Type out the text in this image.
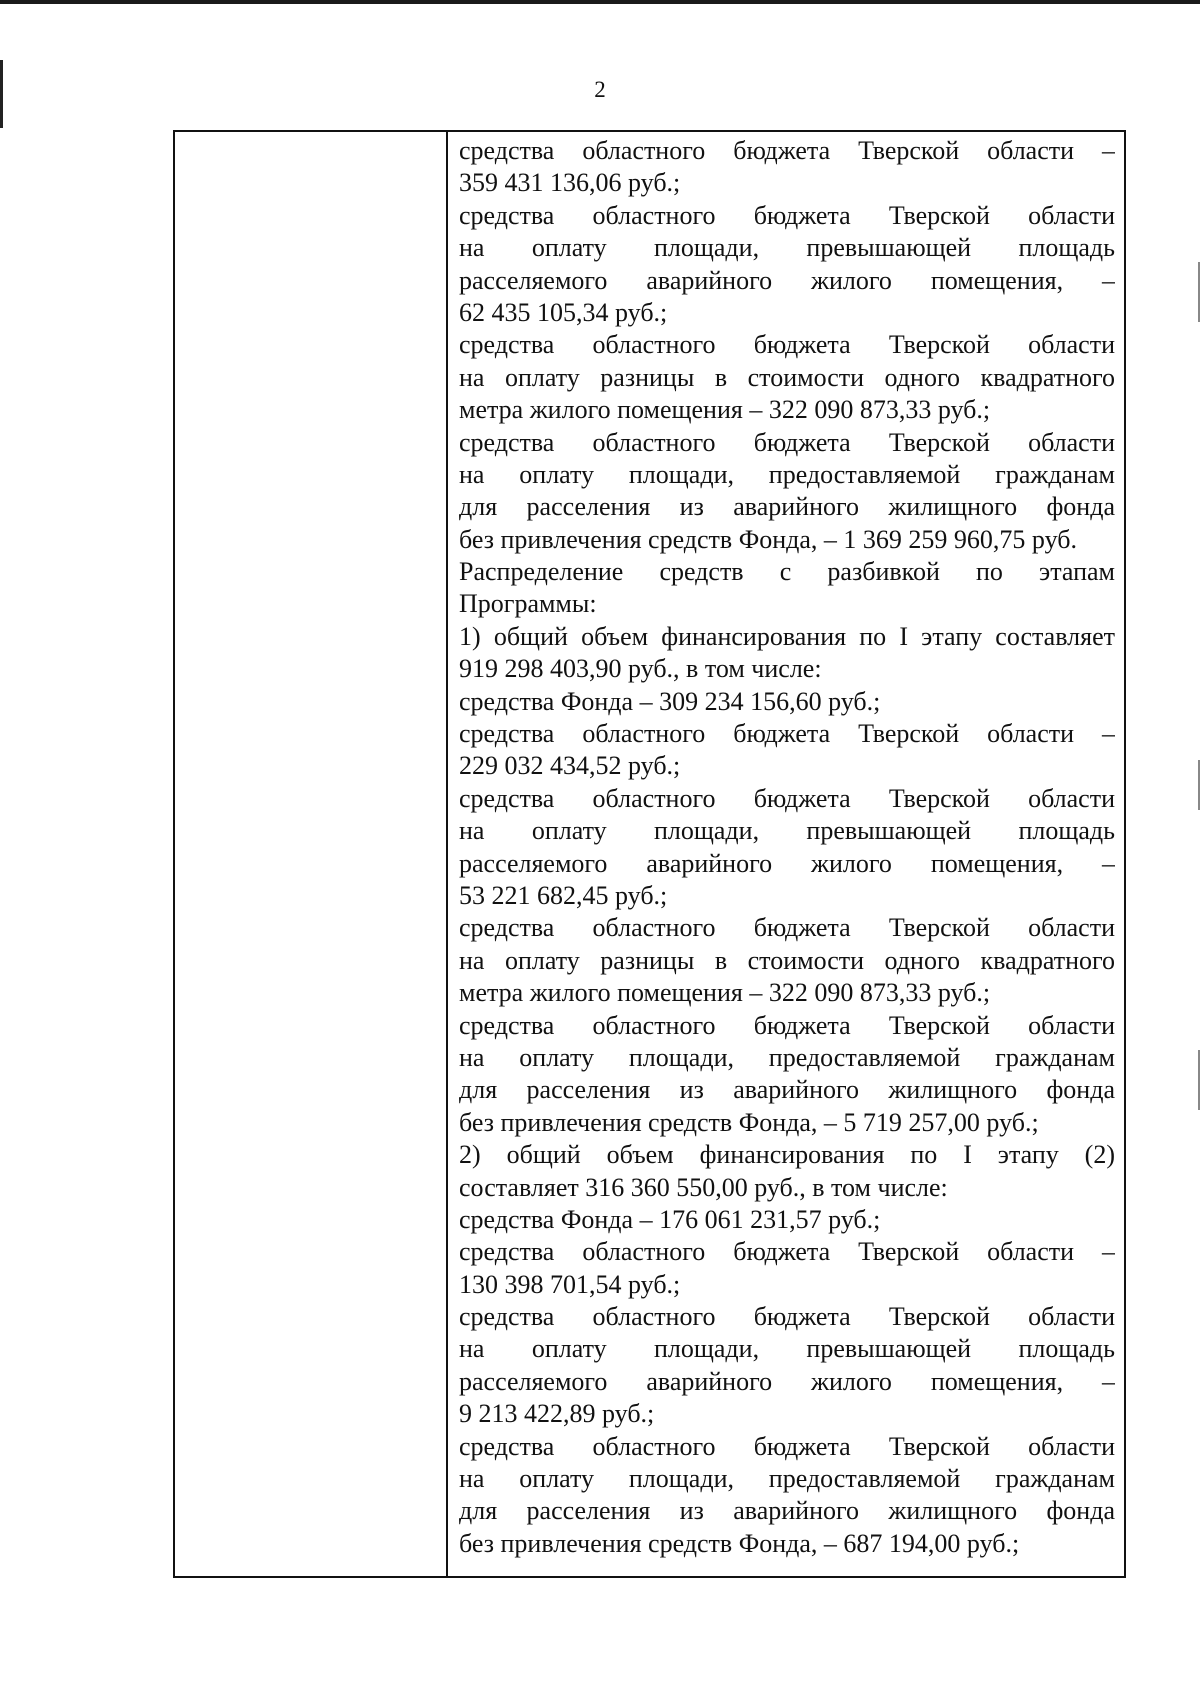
2
средства областного бюджета Тверской области –
359 431 136,06 руб.;
средства областного бюджета Тверской области
на оплату площади, превышающей площадь
расселяемого аварийного жилого помещения, –
62 435 105,34 руб.;
средства областного бюджета Тверской области
на оплату разницы в стоимости одного квадратного
метра жилого помещения – 322 090 873,33 руб.;
средства областного бюджета Тверской области
на оплату площади, предоставляемой гражданам
для расселения из аварийного жилищного фонда
без привлечения средств Фонда, – 1 369 259 960,75 руб.
Распределение средств с разбивкой по этапам
Программы:
1) общий объем финансирования по I этапу составляет
919 298 403,90 руб., в том числе:
средства Фонда – 309 234 156,60 руб.;
средства областного бюджета Тверской области –
229 032 434,52 руб.;
средства областного бюджета Тверской области
на оплату площади, превышающей площадь
расселяемого аварийного жилого помещения, –
53 221 682,45 руб.;
средства областного бюджета Тверской области
на оплату разницы в стоимости одного квадратного
метра жилого помещения – 322 090 873,33 руб.;
средства областного бюджета Тверской области
на оплату площади, предоставляемой гражданам
для расселения из аварийного жилищного фонда
без привлечения средств Фонда, – 5 719 257,00 руб.;
2) общий объем финансирования по I этапу (2)
составляет 316 360 550,00 руб., в том числе:
средства Фонда – 176 061 231,57 руб.;
средства областного бюджета Тверской области –
130 398 701,54 руб.;
средства областного бюджета Тверской области
на оплату площади, превышающей площадь
расселяемого аварийного жилого помещения, –
9 213 422,89 руб.;
средства областного бюджета Тверской области
на оплату площади, предоставляемой гражданам
для расселения из аварийного жилищного фонда
без привлечения средств Фонда, – 687 194,00 руб.;
